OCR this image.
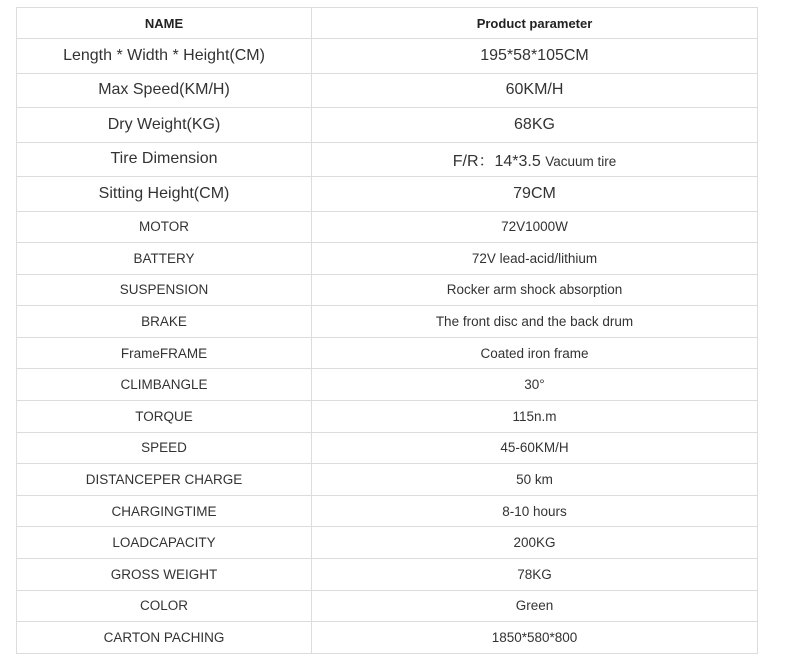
NAME	Product parameter
Length * Width * Height(CM)	195*58*105CM
Max Speed(KM/H)	60KM/H
Dry Weight(KG)	68KG
Tire Dimension	F/R：14*3.5 Vacuum tire
Sitting Height(CM)	79CM
MOTOR	72V1000W
BATTERY	72V lead-acid/lithium
SUSPENSION	Rocker arm shock absorption
BRAKE	The front disc and the back drum
FrameFRAME	Coated iron frame
CLIMBANGLE	30°
TORQUE	115n.m
SPEED	45-60KM/H
DISTANCEPER CHARGE	50 km
CHARGINGTIME	8-10 hours
LOADCAPACITY	200KG
GROSS WEIGHT	78KG
COLOR	Green
CARTON PACHING	1850*580*800
